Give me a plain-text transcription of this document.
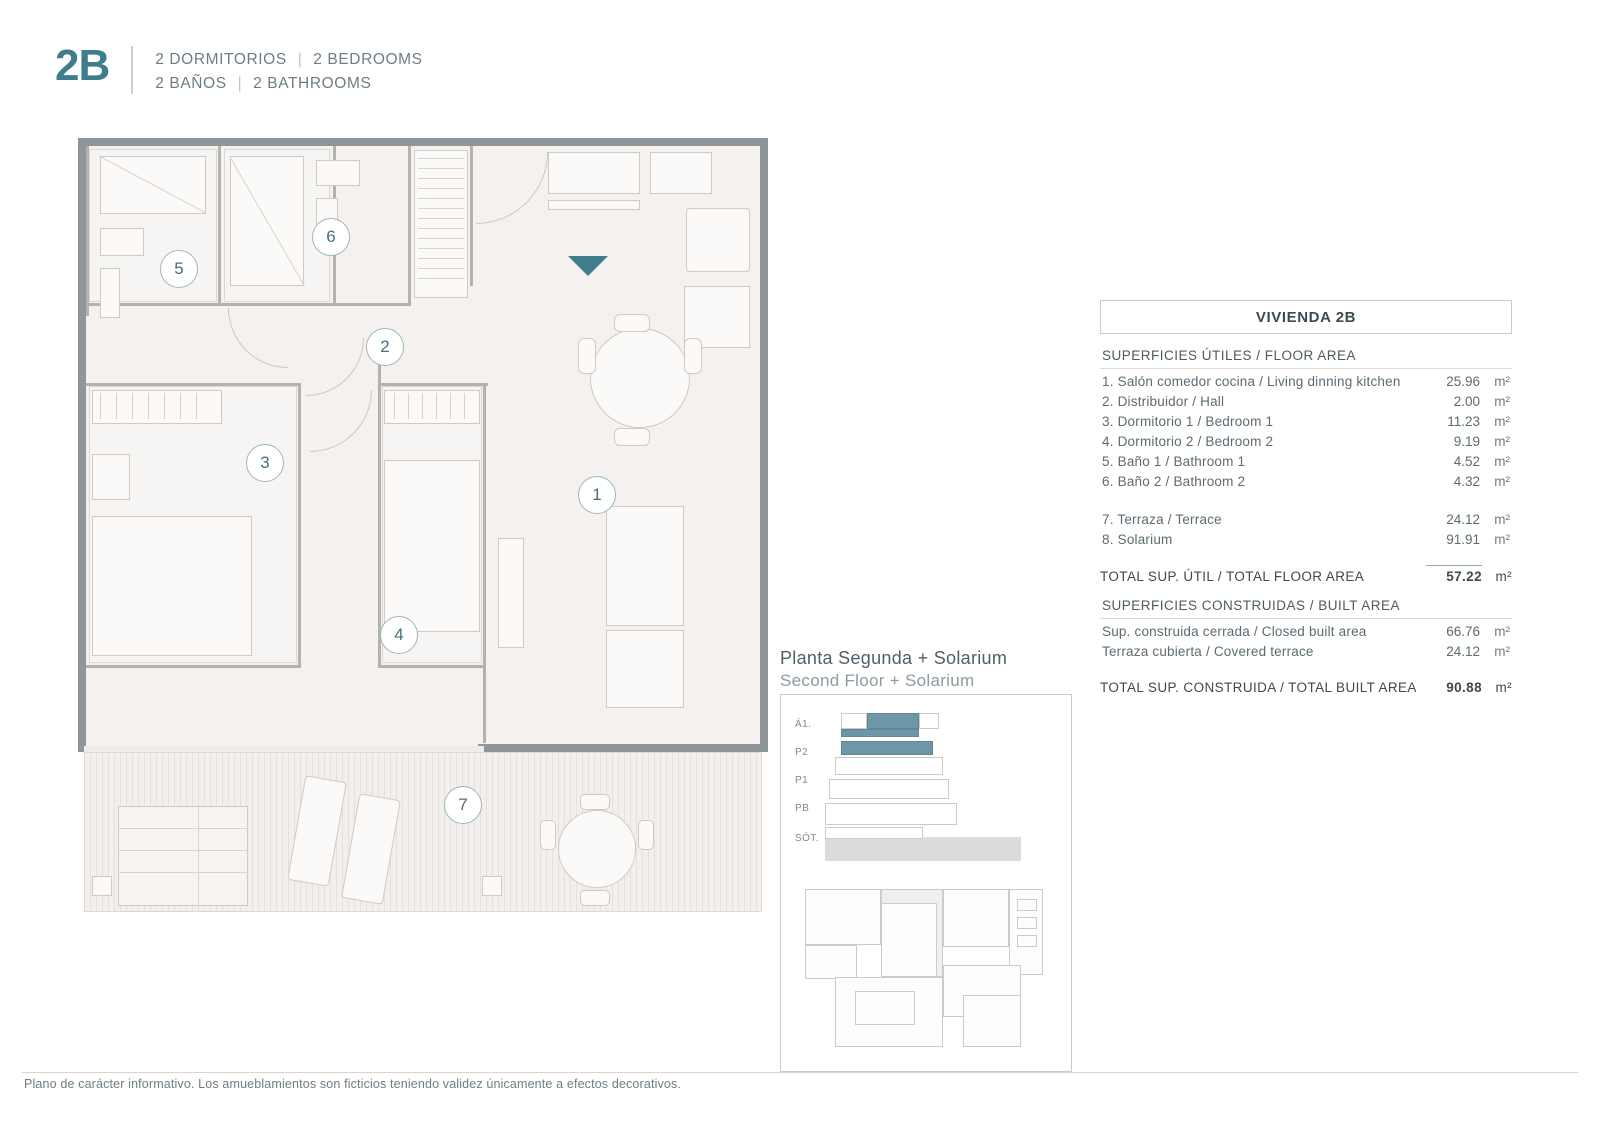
2B	2 DORMITORIOS | 2 BEDROOMS
2 BAÑOS | 2 BATHROOMS
1
2
3
4
5
6
7
Planta Segunda + Solarium
Second Floor + Solarium
Á1.
P2
P1
PB
SÓT.
VIVIENDA 2B
SUPERFICIES ÚTILES / FLOOR AREA
1. Salón comedor cocina / Living dinning kitchen	25.96	m²
2. Distribuidor / Hall	2.00	m²
3. Dormitorio 1 / Bedroom 1	11.23	m²
4. Dormitorio 2 / Bedroom 2	9.19	m²
5. Baño 1 / Bathroom 1	4.52	m²
6. Baño 2 / Bathroom 2	4.32	m²
7. Terraza / Terrace	24.12	m²
8. Solarium	91.91	m²
TOTAL SUP. ÚTIL / TOTAL FLOOR AREA	57.22 m²
SUPERFICIES CONSTRUIDAS / BUILT AREA
Sup. construida cerrada / Closed built area	66.76	m²
Terraza cubierta / Covered terrace	24.12	m²
TOTAL SUP. CONSTRUIDA / TOTAL BUILT AREA	90.88 m²
Plano de carácter informativo. Los amueblamientos son ficticios teniendo validez únicamente a efectos decorativos.
